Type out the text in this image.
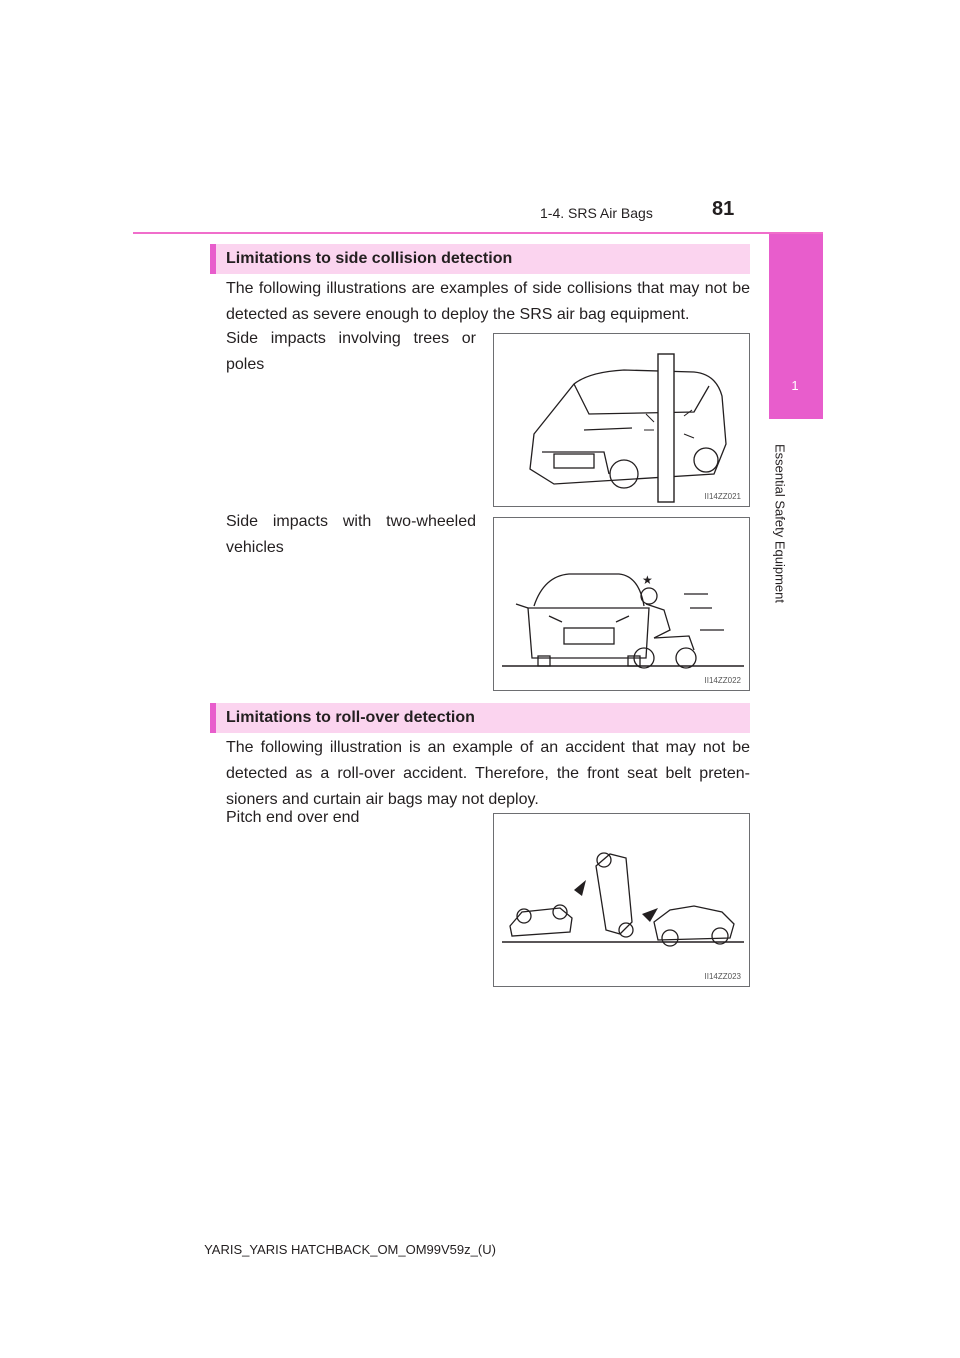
1-4. SRS Air Bags	81
1
Essential Safety Equipment
Limitations to side collision detection
The following illustrations are examples of side collisions that may not be detected as severe enough to deploy the SRS air bag equipment.
Side impacts involving trees or poles
II14ZZ021
Side impacts with two-wheeled vehicles
★
II14ZZ022
Limitations to roll-over detection
The following illustration is an example of an accident that may not be detected as a roll-over accident. Therefore, the front seat belt preten- sioners and curtain air bags may not deploy.
Pitch end over end
II14ZZ023
YARIS_YARIS HATCHBACK_OM_OM99V59z_(U)
